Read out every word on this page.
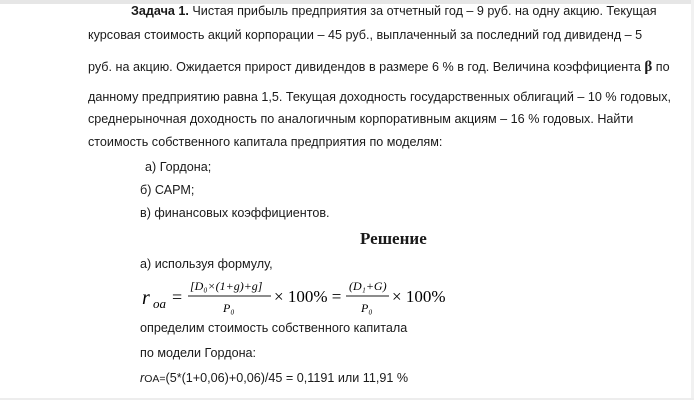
Задача 1. Чистая прибыль предприятия за отчетный год – 9 руб. на одну акцию. Текущая
курсовая стоимость акций корпорации – 45 руб., выплаченный за последний год дивиденд – 5
руб. на акцию. Ожидается прирост дивидендов в размере 6 % в год. Величина коэффициента β по
данному предприятию равна 1,5. Текущая доходность государственных облигаций – 10 % годовых,
среднерыночная доходность по аналогичным корпоративным акциям – 16 % годовых. Найти
стоимость собственного капитала предприятия по моделям:
а) Гордона;
б) САРМ;
в) финансовых коэффициентов.
Решение
а) используя формулу,
r oa =
[D₀×(1+g)+g]
P₀
× 100% =
(D₁+G)
P₀
× 100%
определим стоимость собственного капитала
по модели Гордона:
rOA=(5*(1+0,06)+0,06)/45 = 0,1191 или 11,91 %
